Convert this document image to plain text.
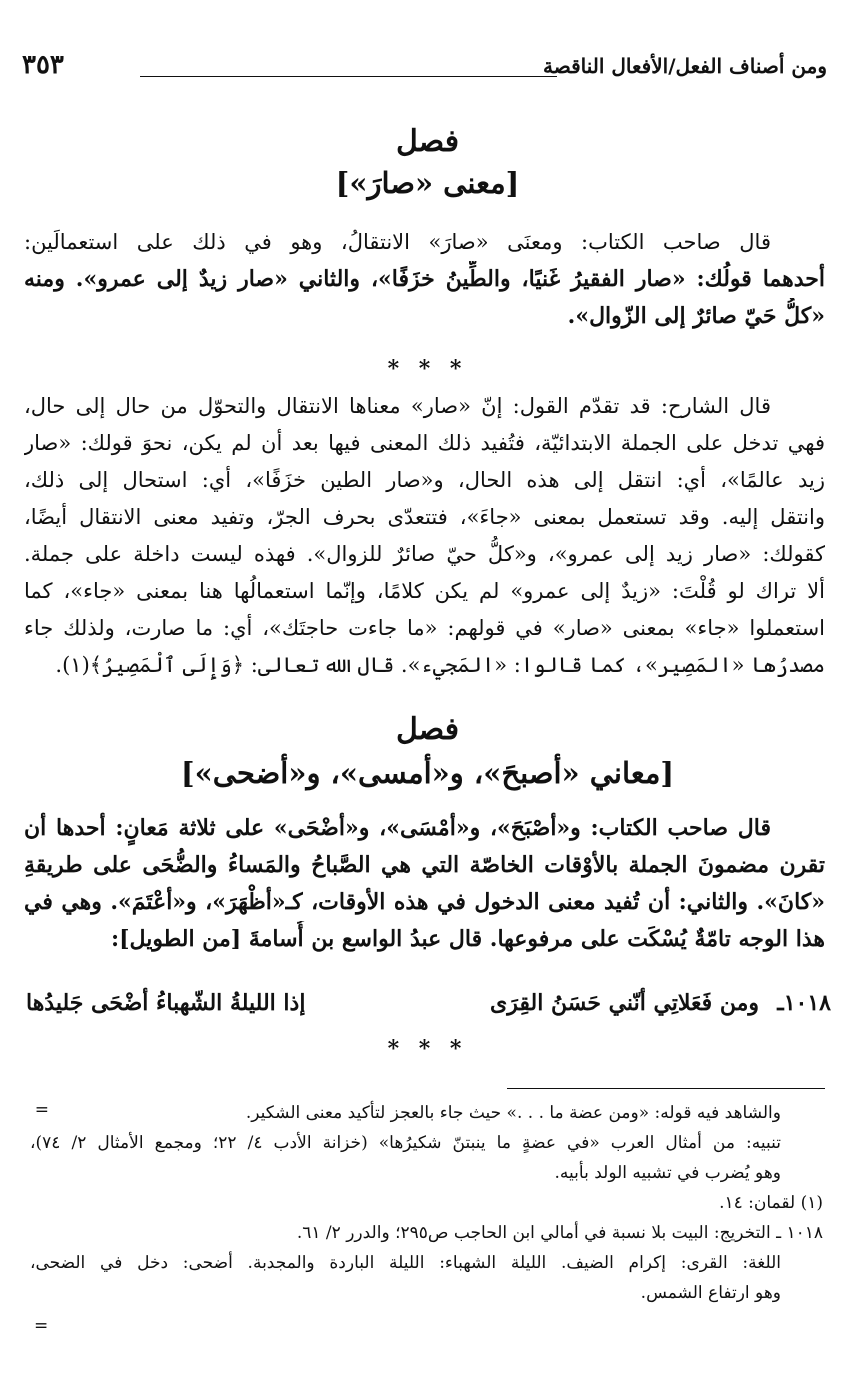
ومن أصناف الفعل/الأفعال الناقصة
٣٥٣
فصل
[معنى «صارَ»]
قال صاحب الكتاب: ومعنَى «صارَ» الانتقالُ، وهو في ذلك على استعمالَين:
أحدهما قولُك: «صار الفقيرُ غَنيًا، والطِّينُ خزَفًا»، والثاني «صار زيدٌ إلى عمرو». ومنه
«كلُّ حَيّ صائرٌ إلى الزّوال».
* * *
قال الشارح: قد تقدّم القول: إنّ «صار» معناها الانتقال والتحوّل من حال إلى حال،
فهي تدخل على الجملة الابتدائيّة، فتُفيد ذلك المعنى فيها بعد أن لم يكن، نحوَ قولك: «صار
زيد عالمًا»، أي: انتقل إلى هذه الحال، و«صار الطين خزَفًا»، أي: استحال إلى ذلك،
وانتقل إليه. وقد تستعمل بمعنى «جاءَ»، فتتعدّى بحرف الجرّ، وتفيد معنى الانتقال أيضًا،
كقولك: «صار زيد إلى عمرو»، و«كلُّ حيّ صائرٌ للزوال». فهذه ليست داخلة على جملة.
ألا تراك لو قُلْتَ: «زيدٌ إلى عمرو» لم يكن كلامًا، وإنّما استعمالُها هنا بمعنى «جاء»، كما
استعملوا «جاء» بمعنى «صار» في قولهم: «ما جاءت حاجتَك»، أي: ما صارت، ولذلك جاء
مصدرُها «المَصِير»، كما قالوا: «المَجيء». قال الله تعالى: ﴿وَإِلَى ٱلْمَصِيرُ﴾(١).
فصل
[معاني «أصبحَ»، و«أمسى»، و«أضحى»]
قال صاحب الكتاب: و«أصْبَحَ»، و«أمْسَى»، و«أضْحَى» على ثلاثة مَعانٍ: أحدها أن
تقرن مضمونَ الجملة بالأوْقات الخاصّة التي هي الصَّباحُ والمَساءُ والضُّحَى على طريقةِ
«كانَ». والثاني: أن تُفيد معنى الدخول في هذه الأوقات، كـ«أظْهَرَ»، و«أعْتَمَ». وهي في
هذا الوجه تامّةٌ يُسْكَت على مرفوعها. قال عبدُ الواسع بن أُسامةَ [من الطويل]:
١٠١٨ـ
ومن فَعَلاتِي أنّني حَسَنُ القِرَى
إذا الليلةُ الشّهباءُ أضْحَى جَليدُها
* * *
والشاهد فيه قوله: «ومن عضة ما . . .» حيث جاء بالعجز لتأكيد معنى الشكير.
تنبيه: من أمثال العرب «في عضةٍ ما ينبتنّ شكيرُها» (خزانة الأدب ٤/ ٢٢؛ ومجمع الأمثال ٢/ ٧٤)،
وهو يُضرب في تشبيه الولد بأبيه.
(١) لقمان: ١٤.
١٠١٨ ـ التخريج: البيت بلا نسبة في أمالي ابن الحاجب ص٢٩٥؛ والدرر ٢/ ٦١.
اللغة: القرى: إكرام الضيف. الليلة الشهباء: الليلة الباردة والمجدبة. أضحى: دخل في الضحى،
وهو ارتفاع الشمس.
=
=
